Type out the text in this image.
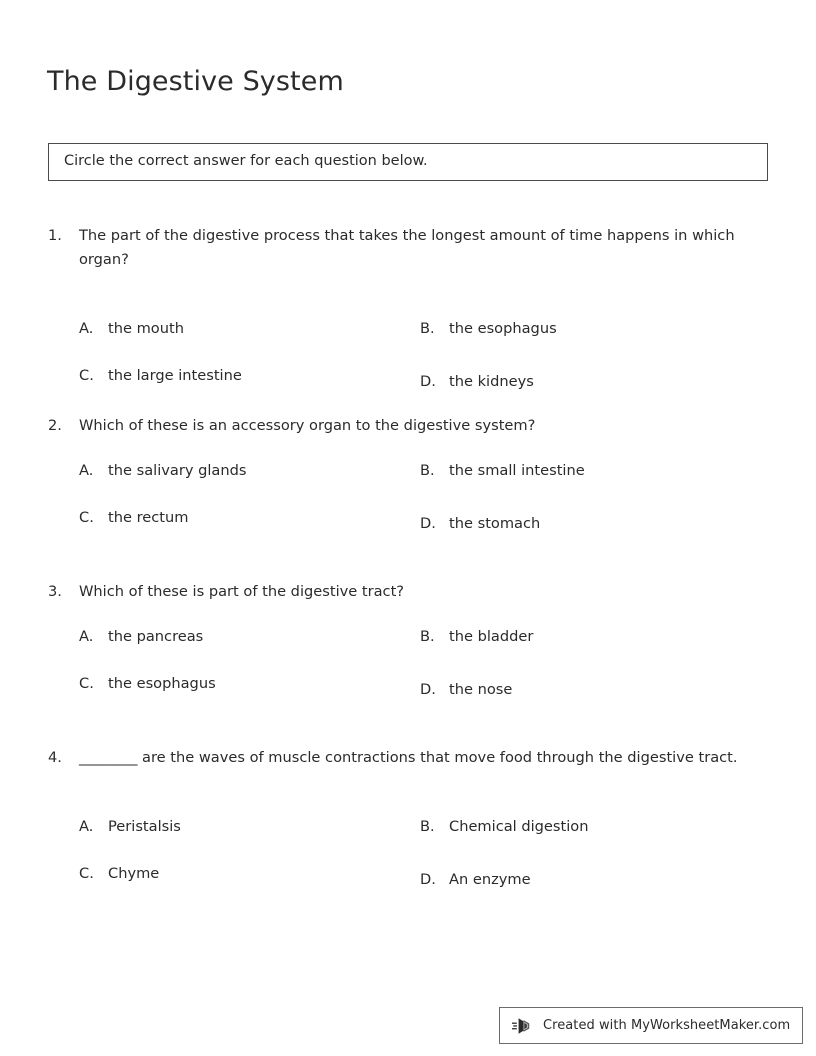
The Digestive System
Circle the correct answer for each question below.
1.	The part of the digestive process that takes the longest amount of time happens in which organ?
A. the mouth	B. the esophagus
C. the large intestine	D. the kidneys
2.	Which of these is an accessory organ to the digestive system?
A. the salivary glands	B. the small intestine
C. the rectum	D. the stomach
3.	Which of these is part of the digestive tract?
A. the pancreas	B. the bladder
C. the esophagus	D. the nose
4.	________ are the waves of muscle contractions that move food through the digestive tract.
A. Peristalsis	B. Chemical digestion
C. Chyme	D. An enzyme
Created with MyWorksheetMaker.com
